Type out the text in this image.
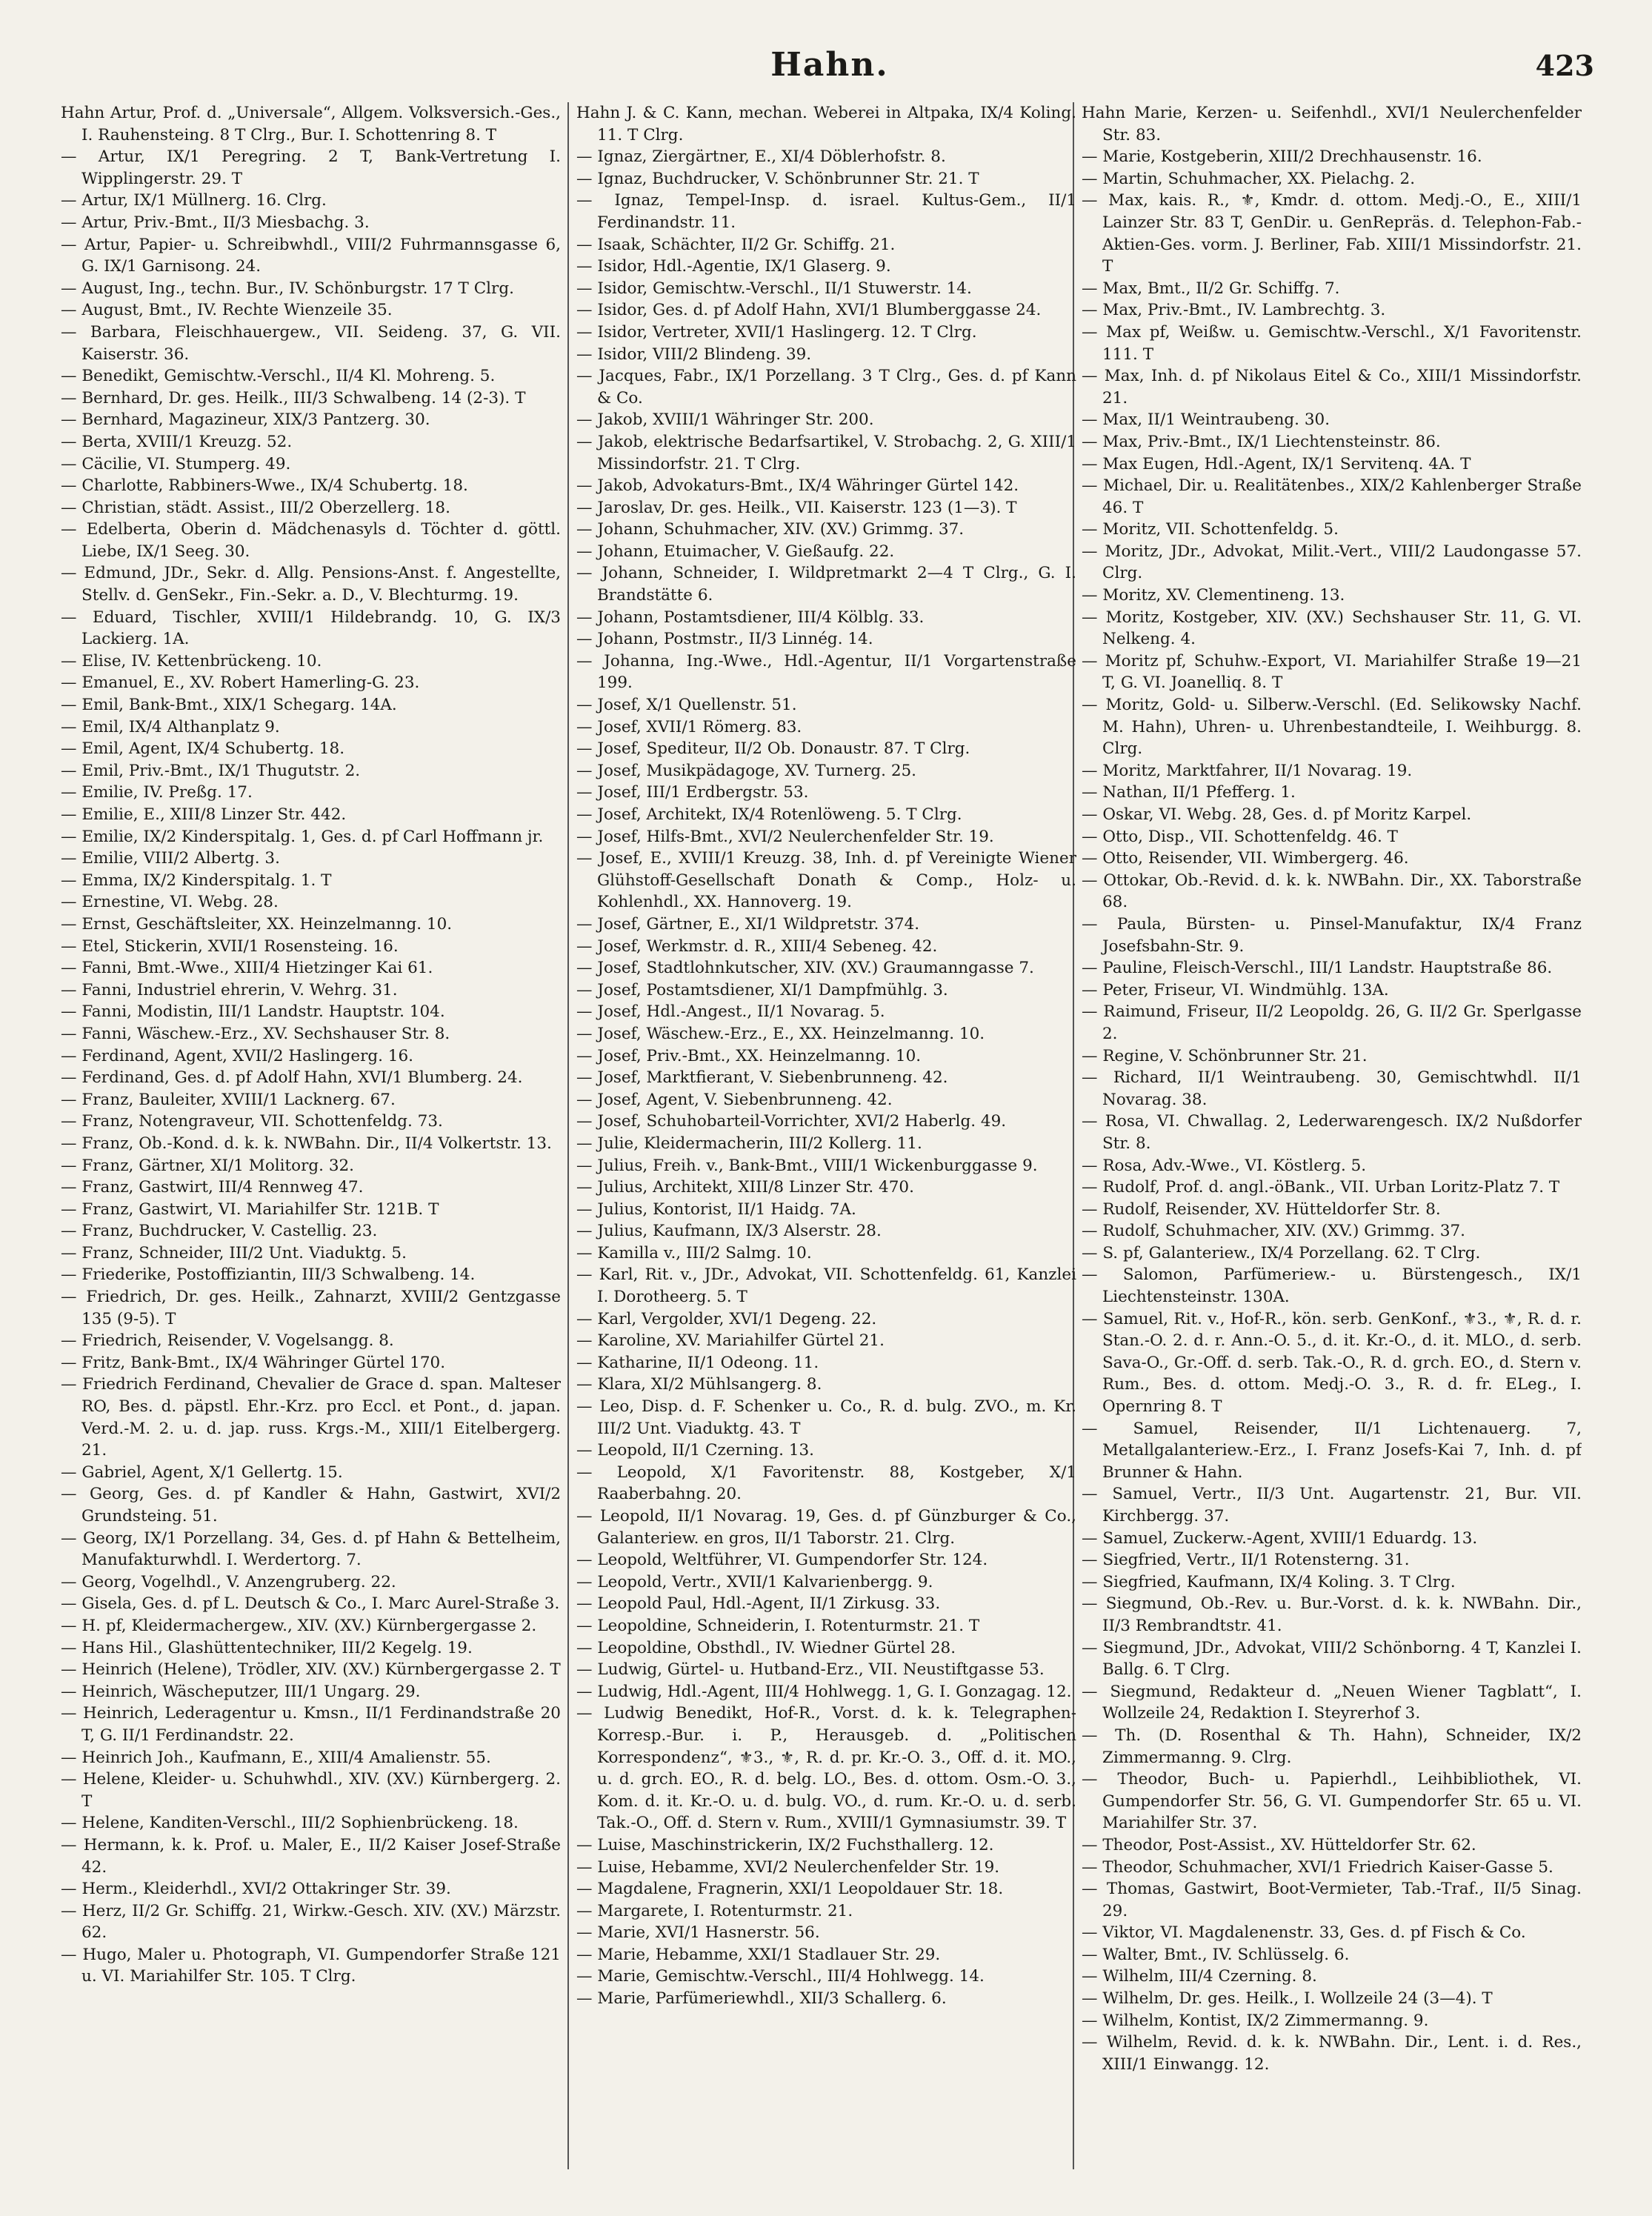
Hahn.	423

Hahn Artur, Prof. d. „Universale“, Allgem. Volksversich.-Ges., I. Rauhensteing. 8 T Clrg., Bur. I. Schottenring 8. T

— Artur, IX/1 Peregring. 2 T, Bank-Vertretung I. Wipplingerstr. 29. T

— Artur, IX/1 Müllnerg. 16. Clrg.

— Artur, Priv.-Bmt., II/3 Miesbachg. 3.

— Artur, Papier- u. Schreibwhdl., VIII/2 Fuhrmannsgasse 6, G. IX/1 Garnisong. 24.

— August, Ing., techn. Bur., IV. Schönburgstr. 17 T Clrg.

— August, Bmt., IV. Rechte Wienzeile 35.

— Barbara, Fleischhauergew., VII. Seideng. 37, G. VII. Kaiserstr. 36.

— Benedikt, Gemischtw.-Verschl., II/4 Kl. Mohreng. 5.

— Bernhard, Dr. ges. Heilk., III/3 Schwalbeng. 14 (2-3). T

— Bernhard, Magazineur, XIX/3 Pantzerg. 30.

— Berta, XVIII/1 Kreuzg. 52.

— Cäcilie, VI. Stumperg. 49.

— Charlotte, Rabbiners-Wwe., IX/4 Schubertg. 18.

— Christian, städt. Assist., III/2 Oberzellerg. 18.

— Edelberta, Oberin d. Mädchenasyls d. Töchter d. göttl. Liebe, IX/1 Seeg. 30.

— Edmund, JDr., Sekr. d. Allg. Pensions-Anst. f. Angestellte, Stellv. d. GenSekr., Fin.-Sekr. a. D., V. Blechturmg. 19.

— Eduard, Tischler, XVIII/1 Hildebrandg. 10, G. IX/3 Lackierg. 1A.

— Elise, IV. Kettenbrückeng. 10.

— Emanuel, E., XV. Robert Hamerling-G. 23.

— Emil, Bank-Bmt., XIX/1 Schegarg. 14A.

— Emil, IX/4 Althanplatz 9.

— Emil, Agent, IX/4 Schubertg. 18.

— Emil, Priv.-Bmt., IX/1 Thugutstr. 2.

— Emilie, IV. Preßg. 17.

— Emilie, E., XIII/8 Linzer Str. 442.

— Emilie, IX/2 Kinderspitalg. 1, Ges. d. pf Carl Hoffmann jr.

— Emilie, VIII/2 Albertg. 3.

— Emma, IX/2 Kinderspitalg. 1. T

— Ernestine, VI. Webg. 28.

— Ernst, Geschäftsleiter, XX. Heinzelmanng. 10.

— Etel, Stickerin, XVII/1 Rosensteing. 16.

— Fanni, Bmt.-Wwe., XIII/4 Hietzinger Kai 61.

— Fanni, Industriel ehrerin, V. Wehrg. 31.

— Fanni, Modistin, III/1 Landstr. Hauptstr. 104.

— Fanni, Wäschew.-Erz., XV. Sechshauser Str. 8.

— Ferdinand, Agent, XVII/2 Haslingerg. 16.

— Ferdinand, Ges. d. pf Adolf Hahn, XVI/1 Blumberg. 24.

— Franz, Bauleiter, XVIII/1 Lacknerg. 67.

— Franz, Notengraveur, VII. Schottenfeldg. 73.

— Franz, Ob.-Kond. d. k. k. NWBahn. Dir., II/4 Volkertstr. 13.

— Franz, Gärtner, XI/1 Molitorg. 32.

— Franz, Gastwirt, III/4 Rennweg 47.

— Franz, Gastwirt, VI. Mariahilfer Str. 121B. T

— Franz, Buchdrucker, V. Castellig. 23.

— Franz, Schneider, III/2 Unt. Viaduktg. 5.

— Friederike, Postoffiziantin, III/3 Schwalbeng. 14.

— Friedrich, Dr. ges. Heilk., Zahnarzt, XVIII/2 Gentzgasse 135 (9-5). T

— Friedrich, Reisender, V. Vogelsangg. 8.

— Fritz, Bank-Bmt., IX/4 Währinger Gürtel 170.

— Friedrich Ferdinand, Chevalier de Grace d. span. Malteser RO, Bes. d. päpstl. Ehr.-Krz. pro Eccl. et Pont., d. japan. Verd.-M. 2. u. d. jap. russ. Krgs.-M., XIII/1 Eitelbergerg. 21.

— Gabriel, Agent, X/1 Gellertg. 15.

— Georg, Ges. d. pf Kandler & Hahn, Gastwirt, XVI/2 Grundsteing. 51.

— Georg, IX/1 Porzellang. 34, Ges. d. pf Hahn & Bettelheim, Manufakturwhdl. I. Werdertorg. 7.

— Georg, Vogelhdl., V. Anzengruberg. 22.

— Gisela, Ges. d. pf L. Deutsch & Co., I. Marc Aurel-Straße 3.

— H. pf, Kleidermachergew., XIV. (XV.) Kürnbergergasse 2.

— Hans Hil., Glashüttentechniker, III/2 Kegelg. 19.

— Heinrich (Helene), Trödler, XIV. (XV.) Kürnbergergasse 2. T

— Heinrich, Wäscheputzer, III/1 Ungarg. 29.

— Heinrich, Lederagentur u. Kmsn., II/1 Ferdinandstraße 20 T, G. II/1 Ferdinandstr. 22.

— Heinrich Joh., Kaufmann, E., XIII/4 Amalienstr. 55.

— Helene, Kleider- u. Schuhwhdl., XIV. (XV.) Kürnbergerg. 2. T

— Helene, Kanditen-Verschl., III/2 Sophienbrückeng. 18.

— Hermann, k. k. Prof. u. Maler, E., II/2 Kaiser Josef-Straße 42.

— Herm., Kleiderhdl., XVI/2 Ottakringer Str. 39.

— Herz, II/2 Gr. Schiffg. 21, Wirkw.-Gesch. XIV. (XV.) Märzstr. 62.

— Hugo, Maler u. Photograph, VI. Gumpendorfer Straße 121 u. VI. Mariahilfer Str. 105. T Clrg.

Hahn J. & C. Kann, mechan. Weberei in Altpaka, IX/4 Koling. 11. T Clrg.

— Ignaz, Ziergärtner, E., XI/4 Döblerhofstr. 8.

— Ignaz, Buchdrucker, V. Schönbrunner Str. 21. T

— Ignaz, Tempel-Insp. d. israel. Kultus-Gem., II/1 Ferdinandstr. 11.

— Isaak, Schächter, II/2 Gr. Schiffg. 21.

— Isidor, Hdl.-Agentie, IX/1 Glaserg. 9.

— Isidor, Gemischtw.-Verschl., II/1 Stuwerstr. 14.

— Isidor, Ges. d. pf Adolf Hahn, XVI/1 Blumberggasse 24.

— Isidor, Vertreter, XVII/1 Haslingerg. 12. T Clrg.

— Isidor, VIII/2 Blindeng. 39.

— Jacques, Fabr., IX/1 Porzellang. 3 T Clrg., Ges. d. pf Kann & Co.

— Jakob, XVIII/1 Währinger Str. 200.

— Jakob, elektrische Bedarfsartikel, V. Strobachg. 2, G. XIII/1 Missindorfstr. 21. T Clrg.

— Jakob, Advokaturs-Bmt., IX/4 Währinger Gürtel 142.

— Jaroslav, Dr. ges. Heilk., VII. Kaiserstr. 123 (1—3). T

— Johann, Schuhmacher, XIV. (XV.) Grimmg. 37.

— Johann, Etuimacher, V. Gießaufg. 22.

— Johann, Schneider, I. Wildpretmarkt 2—4 T Clrg., G. I. Brandstätte 6.

— Johann, Postamtsdiener, III/4 Kölblg. 33.

— Johann, Postmstr., II/3 Linnég. 14.

— Johanna, Ing.-Wwe., Hdl.-Agentur, II/1 Vorgartenstraße 199.

— Josef, X/1 Quellenstr. 51.

— Josef, XVII/1 Römerg. 83.

— Josef, Spediteur, II/2 Ob. Donaustr. 87. T Clrg.

— Josef, Musikpädagoge, XV. Turnerg. 25.

— Josef, III/1 Erdbergstr. 53.

— Josef, Architekt, IX/4 Rotenlöweng. 5. T Clrg.

— Josef, Hilfs-Bmt., XVI/2 Neulerchenfelder Str. 19.

— Josef, E., XVIII/1 Kreuzg. 38, Inh. d. pf Vereinigte Wiener Glühstoff-Gesellschaft Donath & Comp., Holz- u. Kohlenhdl., XX. Hannoverg. 19.

— Josef, Gärtner, E., XI/1 Wildpretstr. 374.

— Josef, Werkmstr. d. R., XIII/4 Sebeneg. 42.

— Josef, Stadtlohnkutscher, XIV. (XV.) Graumanngasse 7.

— Josef, Postamtsdiener, XI/1 Dampfmühlg. 3.

— Josef, Hdl.-Angest., II/1 Novarag. 5.

— Josef, Wäschew.-Erz., E., XX. Heinzelmanng. 10.

— Josef, Priv.-Bmt., XX. Heinzelmanng. 10.

— Josef, Marktfierant, V. Siebenbrunneng. 42.

— Josef, Agent, V. Siebenbrunneng. 42.

— Josef, Schuhobarteil-Vorrichter, XVI/2 Haberlg. 49.

— Julie, Kleidermacherin, III/2 Kollerg. 11.

— Julius, Freih. v., Bank-Bmt., VIII/1 Wickenburggasse 9.

— Julius, Architekt, XIII/8 Linzer Str. 470.

— Julius, Kontorist, II/1 Haidg. 7A.

— Julius, Kaufmann, IX/3 Alserstr. 28.

— Kamilla v., III/2 Salmg. 10.

— Karl, Rit. v., JDr., Advokat, VII. Schottenfeldg. 61, Kanzlei I. Dorotheerg. 5. T

— Karl, Vergolder, XVI/1 Degeng. 22.

— Karoline, XV. Mariahilfer Gürtel 21.

— Katharine, II/1 Odeong. 11.

— Klara, XI/2 Mühlsangerg. 8.

— Leo, Disp. d. F. Schenker u. Co., R. d. bulg. ZVO., m. Kr. III/2 Unt. Viaduktg. 43. T

— Leopold, II/1 Czerning. 13.

— Leopold, X/1 Favoritenstr. 88, Kostgeber, X/1 Raaberbahng. 20.

— Leopold, II/1 Novarag. 19, Ges. d. pf Günzburger & Co., Galanteriew. en gros, II/1 Taborstr. 21. Clrg.

— Leopold, Weltführer, VI. Gumpendorfer Str. 124.

— Leopold, Vertr., XVII/1 Kalvarienbergg. 9.

— Leopold Paul, Hdl.-Agent, II/1 Zirkusg. 33.

— Leopoldine, Schneiderin, I. Rotenturmstr. 21. T

— Leopoldine, Obsthdl., IV. Wiedner Gürtel 28.

— Ludwig, Gürtel- u. Hutband-Erz., VII. Neustiftgasse 53.

— Ludwig, Hdl.-Agent, III/4 Hohlwegg. 1, G. I. Gonzagag. 12.

— Ludwig Benedikt, Hof-R., Vorst. d. k. k. Telegraphen-Korresp.-Bur. i. P., Herausgeb. d. „Politischen Korrespondenz“, ⚜3., ⚜, R. d. pr. Kr.-O. 3., Off. d. it. MO., u. d. grch. EO., R. d. belg. LO., Bes. d. ottom. Osm.-O. 3., Kom. d. it. Kr.-O. u. d. bulg. VO., d. rum. Kr.-O. u. d. serb. Tak.-O., Off. d. Stern v. Rum., XVIII/1 Gymnasiumstr. 39. T

— Luise, Maschinstrickerin, IX/2 Fuchsthallerg. 12.

— Luise, Hebamme, XVI/2 Neulerchenfelder Str. 19.

— Magdalene, Fragnerin, XXI/1 Leopoldauer Str. 18.

— Margarete, I. Rotenturmstr. 21.

— Marie, XVI/1 Hasnerstr. 56.

— Marie, Hebamme, XXI/1 Stadlauer Str. 29.

— Marie, Gemischtw.-Verschl., III/4 Hohlwegg. 14.

— Marie, Parfümeriewhdl., XII/3 Schallerg. 6.

Hahn Marie, Kerzen- u. Seifenhdl., XVI/1 Neulerchenfelder Str. 83.

— Marie, Kostgeberin, XIII/2 Drechhausenstr. 16.

— Martin, Schuhmacher, XX. Pielachg. 2.

— Max, kais. R., ⚜, Kmdr. d. ottom. Medj.-O., E., XIII/1 Lainzer Str. 83 T, GenDir. u. GenRepräs. d. Telephon-Fab.-Aktien-Ges. vorm. J. Berliner, Fab. XIII/1 Missindorfstr. 21. T

— Max, Bmt., II/2 Gr. Schiffg. 7.

— Max, Priv.-Bmt., IV. Lambrechtg. 3.

— Max pf, Weißw. u. Gemischtw.-Verschl., X/1 Favoritenstr. 111. T

— Max, Inh. d. pf Nikolaus Eitel & Co., XIII/1 Missindorfstr. 21.

— Max, II/1 Weintraubeng. 30.

— Max, Priv.-Bmt., IX/1 Liechtensteinstr. 86.

— Max Eugen, Hdl.-Agent, IX/1 Servitenq. 4A. T

— Michael, Dir. u. Realitätenbes., XIX/2 Kahlenberger Straße 46. T

— Moritz, VII. Schottenfeldg. 5.

— Moritz, JDr., Advokat, Milit.-Vert., VIII/2 Laudongasse 57. Clrg.

— Moritz, XV. Clementineng. 13.

— Moritz, Kostgeber, XIV. (XV.) Sechshauser Str. 11, G. VI. Nelkeng. 4.

— Moritz pf, Schuhw.-Export, VI. Mariahilfer Straße 19—21 T, G. VI. Joanelliq. 8. T

— Moritz, Gold- u. Silberw.-Verschl. (Ed. Selikowsky Nachf. M. Hahn), Uhren- u. Uhrenbestandteile, I. Weihburgg. 8. Clrg.

— Moritz, Marktfahrer, II/1 Novarag. 19.

— Nathan, II/1 Pfefferg. 1.

— Oskar, VI. Webg. 28, Ges. d. pf Moritz Karpel.

— Otto, Disp., VII. Schottenfeldg. 46. T

— Otto, Reisender, VII. Wimbergerg. 46.

— Ottokar, Ob.-Revid. d. k. k. NWBahn. Dir., XX. Taborstraße 68.

— Paula, Bürsten- u. Pinsel-Manufaktur, IX/4 Franz Josefsbahn-Str. 9.

— Pauline, Fleisch-Verschl., III/1 Landstr. Hauptstraße 86.

— Peter, Friseur, VI. Windmühlg. 13A.

— Raimund, Friseur, II/2 Leopoldg. 26, G. II/2 Gr. Sperlgasse 2.

— Regine, V. Schönbrunner Str. 21.

— Richard, II/1 Weintraubeng. 30, Gemischtwhdl. II/1 Novarag. 38.

— Rosa, VI. Chwallag. 2, Lederwarengesch. IX/2 Nußdorfer Str. 8.

— Rosa, Adv.-Wwe., VI. Köstlerg. 5.

— Rudolf, Prof. d. angl.-öBank., VII. Urban Loritz-Platz 7. T

— Rudolf, Reisender, XV. Hütteldorfer Str. 8.

— Rudolf, Schuhmacher, XIV. (XV.) Grimmg. 37.

— S. pf, Galanteriew., IX/4 Porzellang. 62. T Clrg.

— Salomon, Parfümeriew.- u. Bürstengesch., IX/1 Liechtensteinstr. 130A.

— Samuel, Rit. v., Hof-R., kön. serb. GenKonf., ⚜3., ⚜, R. d. r. Stan.-O. 2. d. r. Ann.-O. 5., d. it. Kr.-O., d. it. MLO., d. serb. Sava-O., Gr.-Off. d. serb. Tak.-O., R. d. grch. EO., d. Stern v. Rum., Bes. d. ottom. Medj.-O. 3., R. d. fr. ELeg., I. Opernring 8. T

— Samuel, Reisender, II/1 Lichtenauerg. 7, Metallgalanteriew.-Erz., I. Franz Josefs-Kai 7, Inh. d. pf Brunner & Hahn.

— Samuel, Vertr., II/3 Unt. Augartenstr. 21, Bur. VII. Kirchbergg. 37.

— Samuel, Zuckerw.-Agent, XVIII/1 Eduardg. 13.

— Siegfried, Vertr., II/1 Rotensterng. 31.

— Siegfried, Kaufmann, IX/4 Koling. 3. T Clrg.

— Siegmund, Ob.-Rev. u. Bur.-Vorst. d. k. k. NWBahn. Dir., II/3 Rembrandtstr. 41.

— Siegmund, JDr., Advokat, VIII/2 Schönborng. 4 T, Kanzlei I. Ballg. 6. T Clrg.

— Siegmund, Redakteur d. „Neuen Wiener Tagblatt“, I. Wollzeile 24, Redaktion I. Steyrerhof 3.

— Th. (D. Rosenthal & Th. Hahn), Schneider, IX/2 Zimmermanng. 9. Clrg.

— Theodor, Buch- u. Papierhdl., Leihbibliothek, VI. Gumpendorfer Str. 56, G. VI. Gumpendorfer Str. 65 u. VI. Mariahilfer Str. 37.

— Theodor, Post-Assist., XV. Hütteldorfer Str. 62.

— Theodor, Schuhmacher, XVI/1 Friedrich Kaiser-Gasse 5.

— Thomas, Gastwirt, Boot-Vermieter, Tab.-Traf., II/5 Sinag. 29.

— Viktor, VI. Magdalenenstr. 33, Ges. d. pf Fisch & Co.

— Walter, Bmt., IV. Schlüsselg. 6.

— Wilhelm, III/4 Czerning. 8.

— Wilhelm, Dr. ges. Heilk., I. Wollzeile 24 (3—4). T

— Wilhelm, Kontist, IX/2 Zimmermanng. 9.

— Wilhelm, Revid. d. k. k. NWBahn. Dir., Lent. i. d. Res., XIII/1 Einwangg. 12.
